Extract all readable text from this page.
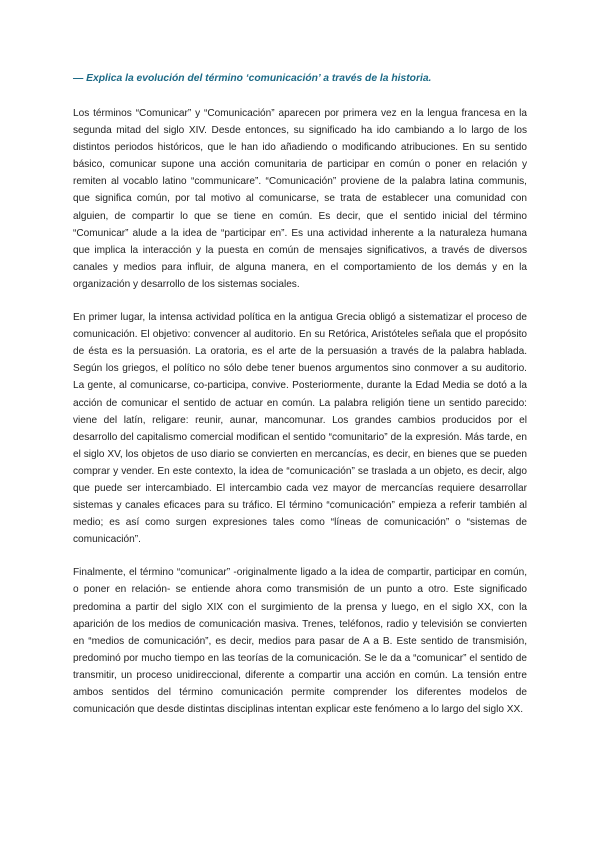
— Explica la evolución del término ‘comunicación’ a través de la historia.

Los términos “Comunicar” y “Comunicación” aparecen por primera vez en la lengua francesa en la segunda mitad del siglo XIV. Desde entonces, su significado ha ido cambiando a lo largo de los distintos periodos históricos, que le han ido añadiendo o modificando atribuciones. En su sentido básico, comunicar supone una acción comunitaria de participar en común o poner en relación y remiten al vocablo latino “communicare”. “Comunicación” proviene de la palabra latina communis, que significa común, por tal motivo al comunicarse, se trata de establecer una comunidad con alguien, de compartir lo que se tiene en común. Es decir, que el sentido inicial del término “Comunicar” alude a la idea de “participar en”. Es una actividad inherente a la naturaleza humana que implica la interacción y la puesta en común de mensajes significativos, a través de diversos canales y medios para influir, de alguna manera, en el comportamiento de los demás y en la organización y desarrollo de los sistemas sociales.

En primer lugar, la intensa actividad política en la antigua Grecia obligó a sistematizar el proceso de comunicación. El objetivo: convencer al auditorio. En su Retórica, Aristóteles señala que el propósito de ésta es la persuasión. La oratoria, es el arte de la persuasión a través de la palabra hablada. Según los griegos, el político no sólo debe tener buenos argumentos sino conmover a su auditorio. La gente, al comunicarse, co-participa, convive. Posteriormente, durante la Edad Media se dotó a la acción de comunicar el sentido de actuar en común. La palabra religión tiene un sentido parecido: viene del latín, religare: reunir, aunar, mancomunar. Los grandes cambios producidos por el desarrollo del capitalismo comercial modifican el sentido “comunitario” de la expresión. Más tarde, en el siglo XV, los objetos de uso diario se convierten en mercancías, es decir, en bienes que se pueden comprar y vender. En este contexto, la idea de “comunicación” se traslada a un objeto, es decir, algo que puede ser intercambiado. El intercambio cada vez mayor de mercancías requiere desarrollar sistemas y canales eficaces para su tráfico. El término “comunicación” empieza a referir también al medio; es así como surgen expresiones tales como “líneas de comunicación” o “sistemas de comunicación”.

Finalmente, el término “comunicar” -originalmente ligado a la idea de compartir, participar en común, o poner en relación- se entiende ahora como transmisión de un punto a otro. Este significado predomina a partir del siglo XIX con el surgimiento de la prensa y luego, en el siglo XX, con la aparición de los medios de comunicación masiva. Trenes, teléfonos, radio y televisión se convierten en “medios de comunicación”, es decir, medios para pasar de A a B. Este sentido de transmisión, predominó por mucho tiempo en las teorías de la comunicación. Se le da a “comunicar” el sentido de transmitir, un proceso unidireccional, diferente a compartir una acción en común. La tensión entre ambos sentidos del término comunicación permite comprender los diferentes modelos de comunicación que desde distintas disciplinas intentan explicar este fenómeno a lo largo del siglo XX.
